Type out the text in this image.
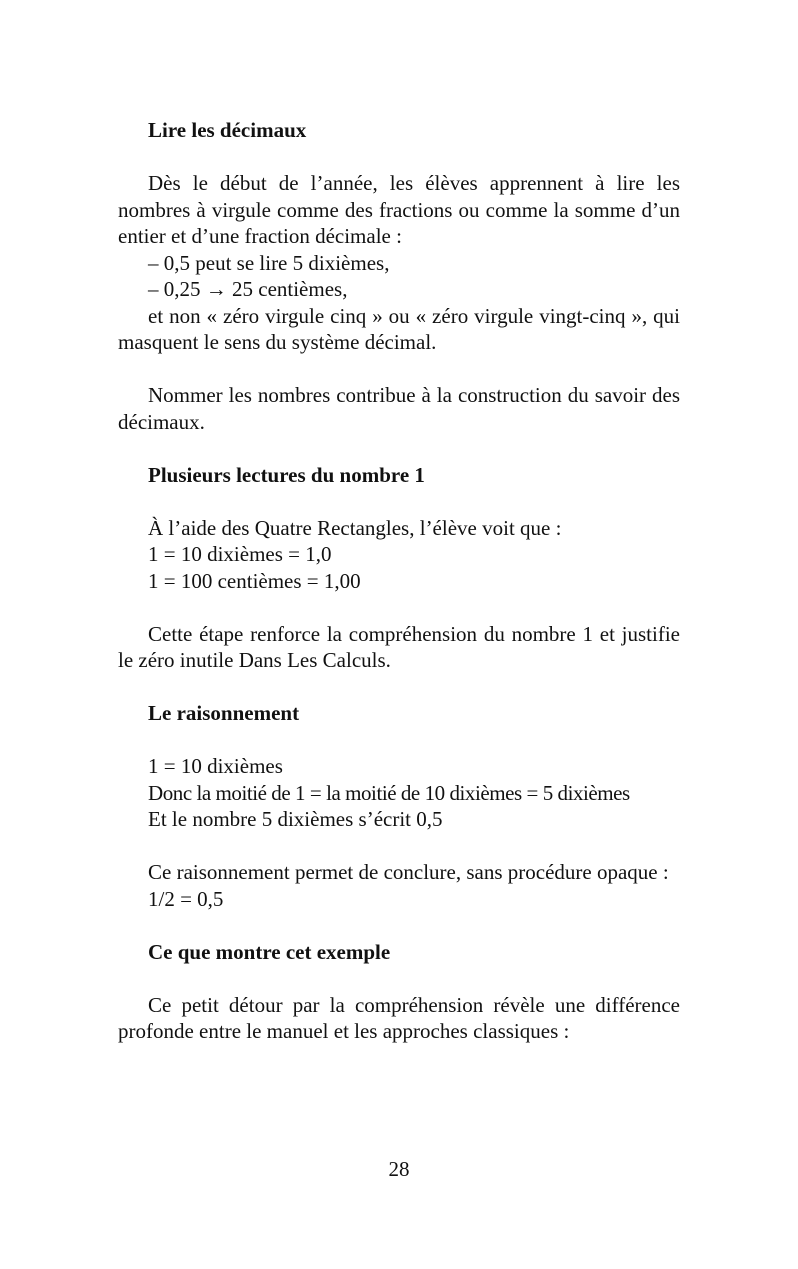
Lire les décimaux

Dès le début de l’année, les élèves apprennent à lire les nombres à virgule comme des fractions ou comme la somme d’un entier et d’une fraction décimale :

– 0,5 peut se lire 5 dixièmes,

– 0,25 → 25 centièmes,

et non « zéro virgule cinq » ou « zéro virgule vingt-cinq », qui masquent le sens du système décimal.

Nommer les nombres contribue à la construction du savoir des décimaux.

Plusieurs lectures du nombre 1

À l’aide des Quatre Rectangles, l’élève voit que :

1 = 10 dixièmes = 1,0

1 = 100 centièmes = 1,00

Cette étape renforce la compréhension du nombre 1 et justifie le zéro inutile Dans Les Calculs.

Le raisonnement

1 = 10 dixièmes

Donc la moitié de 1 = la moitié de 10 dixièmes = 5 dixièmes

Et le nombre 5 dixièmes s’écrit 0,5

Ce raisonnement permet de conclure, sans procédure opaque :

1/2 = 0,5

Ce que montre cet exemple

Ce petit détour par la compréhension révèle une différence profonde entre le manuel et les approches classiques :

28
